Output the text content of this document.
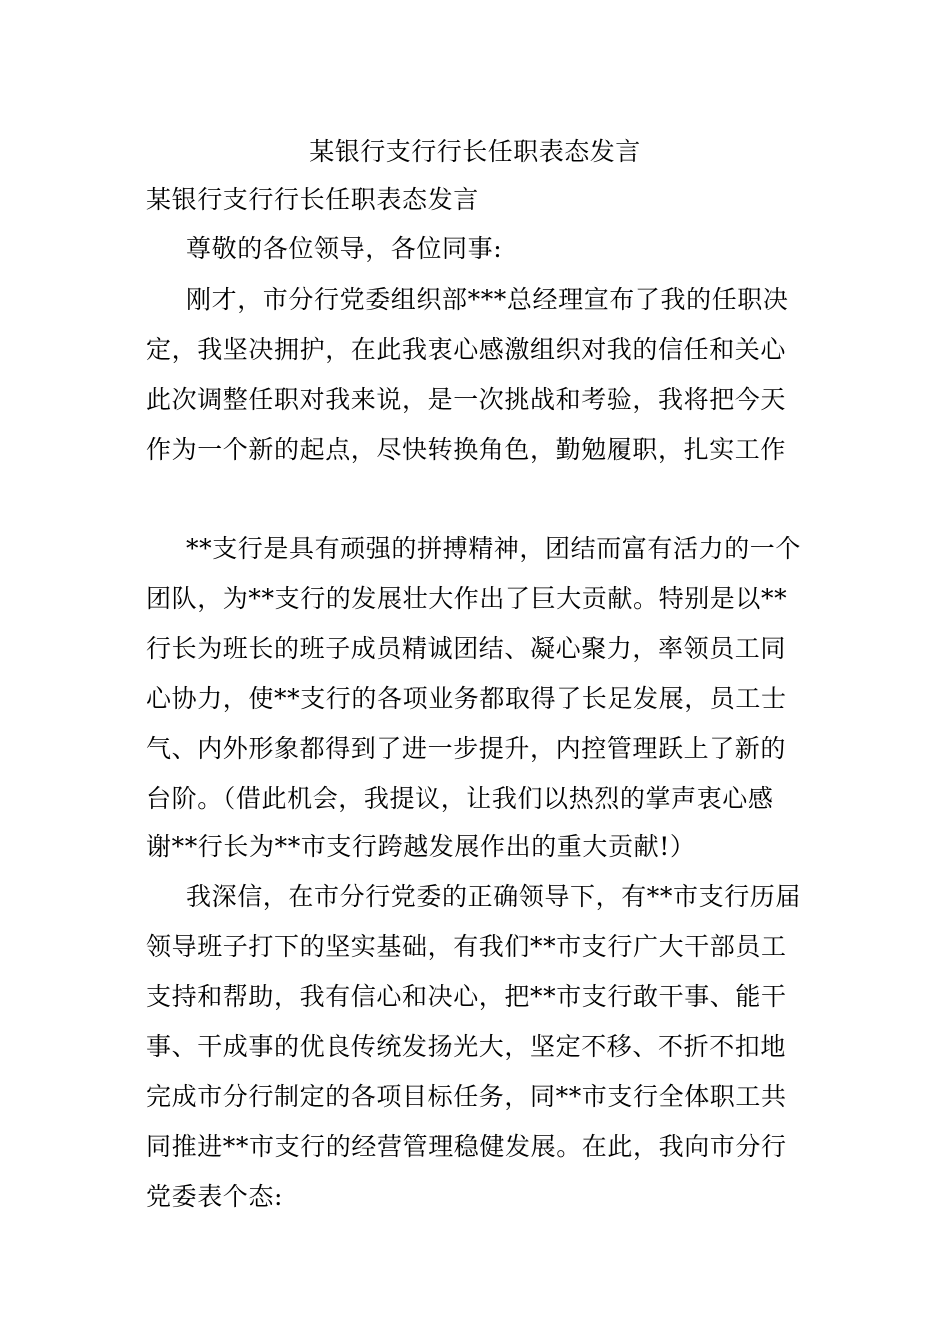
某银行支行行长任职表态发言
某银行支行行长任职表态发言
尊敬的各位领导，各位同事:
刚才，市分行党委组织部***总经理宣布了我的任职决
定，我坚决拥护，在此我衷心感激组织对我的信任和关心
此次调整任职对我来说，是一次挑战和考验，我将把今天
作为一个新的起点，尽快转换角色，勤勉履职，扎实工作
**支行是具有顽强的拼搏精神，团结而富有活力的一个
团队，为**支行的发展壮大作出了巨大贡献。特别是以**
行长为班长的班子成员精诚团结、凝心聚力，率领员工同
心协力，使**支行的各项业务都取得了长足发展，员工士
气、内外形象都得到了进一步提升，内控管理跃上了新的
台阶。（借此机会，我提议，让我们以热烈的掌声衷心感
谢**行长为**市支行跨越发展作出的重大贡献!）
我深信，在市分行党委的正确领导下，有**市支行历届
领导班子打下的坚实基础，有我们**市支行广大干部员工
支持和帮助，我有信心和决心，把**市支行敢干事、能干
事、干成事的优良传统发扬光大，坚定不移、不折不扣地
完成市分行制定的各项目标任务，同**市支行全体职工共
同推进**市支行的经营管理稳健发展。在此，我向市分行
党委表个态:
